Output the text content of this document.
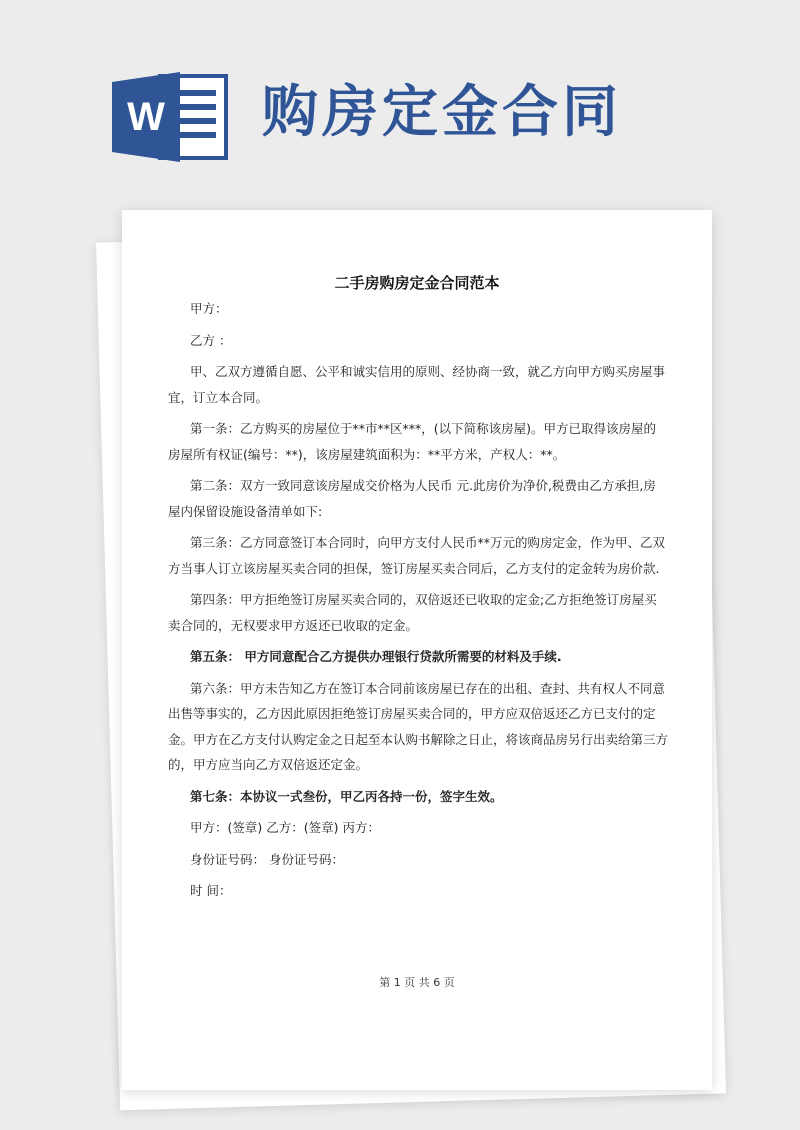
W 购房定金合同
二手房购房定金合同范本

甲方：

乙方 ：

甲、乙双方遵循自愿、公平和诚实信用的原则、经协商一致，就乙方向甲方购买房屋事宜，订立本合同。

第一条：乙方购买的房屋位于**市**区***，(以下简称该房屋)。甲方已取得该房屋的房屋所有权证(编号：**)，该房屋建筑面积为：**平方米，产权人：**。

第二条：双方一致同意该房屋成交价格为人民币 元.此房价为净价,税费由乙方承担,房屋内保留设施设备清单如下:

第三条：乙方同意签订本合同时，向甲方支付人民币**万元的购房定金，作为甲、乙双方当事人订立该房屋买卖合同的担保，签订房屋买卖合同后，乙方支付的定金转为房价款.

第四条：甲方拒绝签订房屋买卖合同的，双倍返还已收取的定金;乙方拒绝签订房屋买卖合同的，无权要求甲方返还已收取的定金。

第五条： 甲方同意配合乙方提供办理银行贷款所需要的材料及手续.

第六条：甲方未告知乙方在签订本合同前该房屋已存在的出租、查封、共有权人不同意出售等事实的，乙方因此原因拒绝签订房屋买卖合同的，甲方应双倍返还乙方已支付的定金。甲方在乙方支付认购定金之日起至本认购书解除之日止，将该商品房另行出卖给第三方的，甲方应当向乙方双倍返还定金。

第七条：本协议一式叁份，甲乙丙各持一份，签字生效。

甲方：(签章) 乙方：(签章) 丙方：

身份证号码： 身份证号码：

时 间：

第 1 页 共 6 页
